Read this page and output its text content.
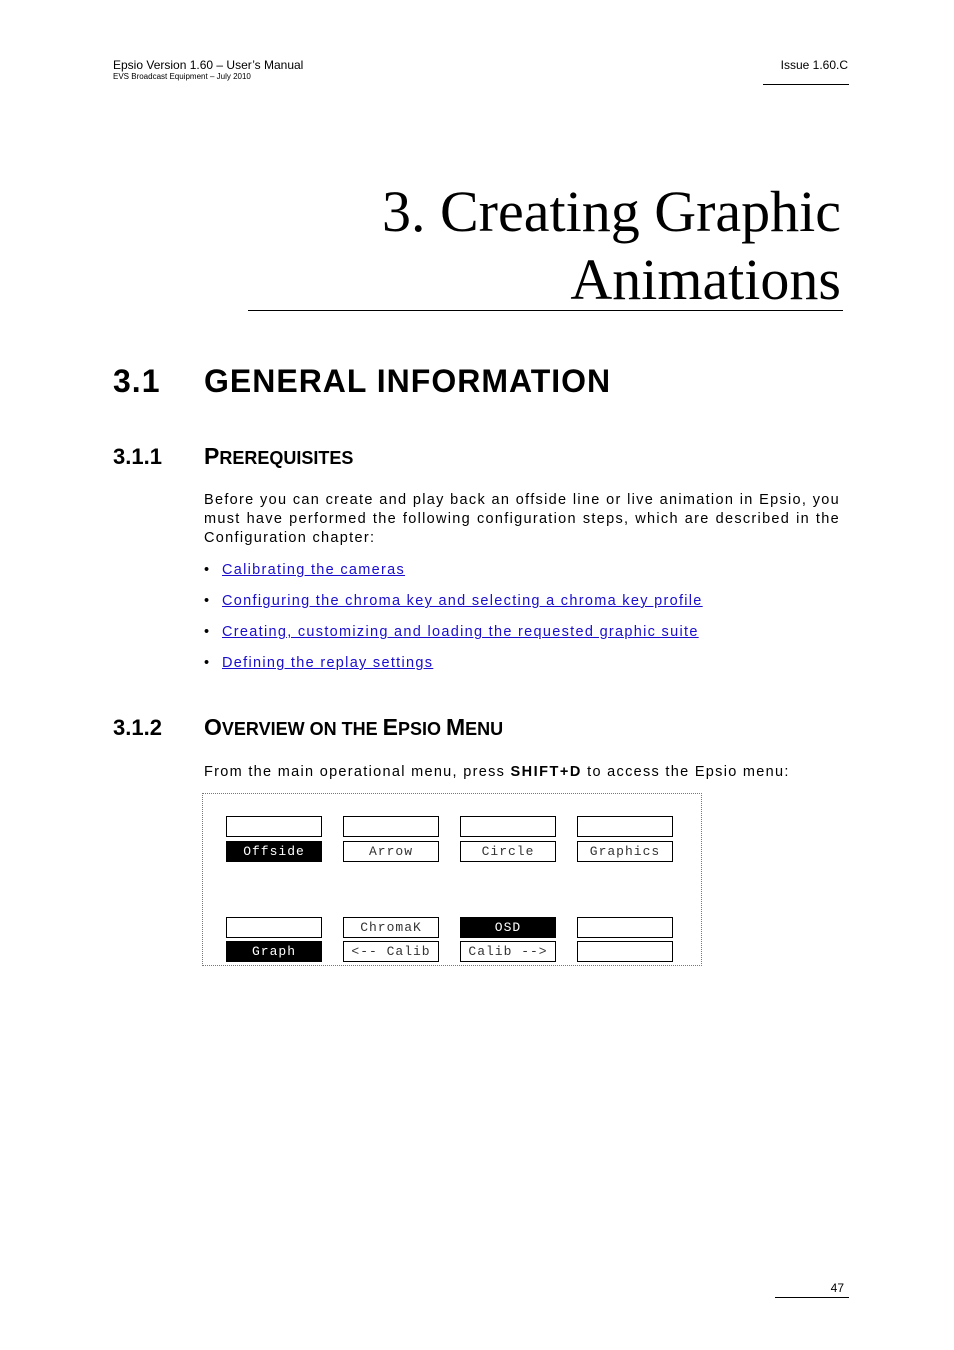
Epsio Version 1.60 – User’s Manual
EVS Broadcast Equipment – July 2010
Issue 1.60.C
3. Creating Graphic
Animations
3.1 GENERAL INFORMATION
3.1.1 PREREQUISITES

Before you can create and play back an offside line or live animation in Epsio, you must have performed the following configuration steps, which are described in the Configuration chapter:

• Calibrating the cameras
• Configuring the chroma key and selecting a chroma key profile
• Creating, customizing and loading the requested graphic suite
• Defining the replay settings
3.1.2 OVERVIEW ON THE EPSIO MENU

From the main operational menu, press SHIFT+D to access the Epsio menu:

Offside	Arrow	Circle	Graphics
ChromaK	OSD
Graph	<-- Calib	Calib -->
47
